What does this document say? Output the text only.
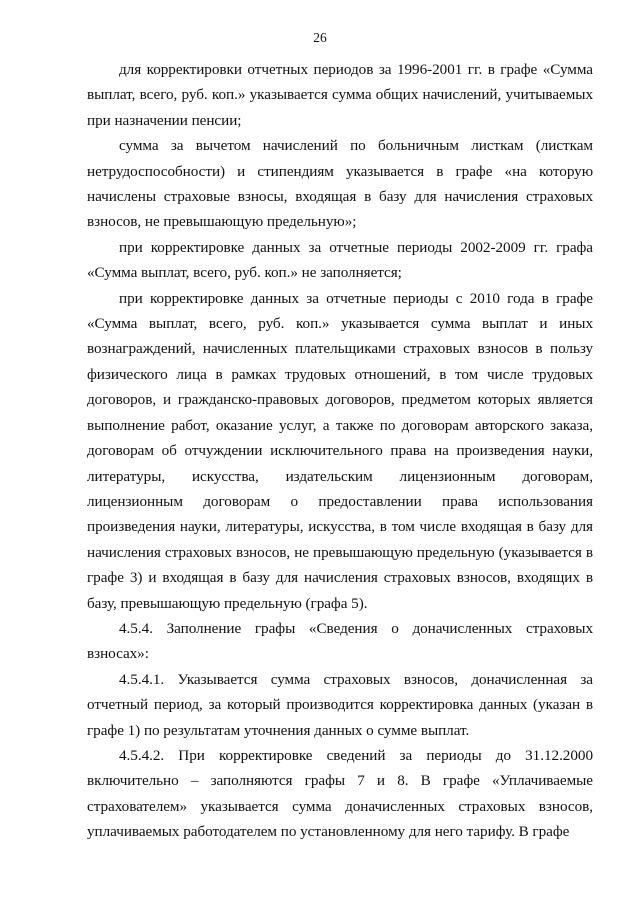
26

для корректировки отчетных периодов за 1996-2001 гг. в графе «Сумма выплат, всего, руб. коп.» указывается сумма общих начислений, учитываемых при назначении пенсии;

сумма за вычетом начислений по больничным листкам (листкам нетрудоспособности) и стипендиям указывается в графе «на которую начислены страховые взносы, входящая в базу для начисления страховых взносов, не превышающую предельную»;

при корректировке данных за отчетные периоды 2002-2009 гг. графа «Сумма выплат, всего, руб. коп.» не заполняется;

при корректировке данных за отчетные периоды с 2010 года в графе «Сумма выплат, всего, руб. коп.» указывается сумма выплат и иных вознаграждений, начисленных плательщиками страховых взносов в пользу физического лица в рамках трудовых отношений, в том числе трудовых договоров, и гражданско-правовых договоров, предметом которых является выполнение работ, оказание услуг, а также по договорам авторского заказа, договорам об отчуждении исключительного права на произведения науки, литературы, искусства, издательским лицензионным договорам, лицензионным договорам о предоставлении права использования произведения науки, литературы, искусства, в том числе входящая в базу для начисления страховых взносов, не превышающую предельную (указывается в графе 3) и входящая в базу для начисления страховых взносов, входящих в базу, превышающую предельную (графа 5).

4.5.4. Заполнение графы «Сведения о доначисленных страховых взносах»:

4.5.4.1. Указывается сумма страховых взносов, доначисленная за отчетный период, за который производится корректировка данных (указан в графе 1) по результатам уточнения данных о сумме выплат.

4.5.4.2. При корректировке сведений за периоды до 31.12.2000 включительно – заполняются графы 7 и 8. В графе «Уплачиваемые страхователем» указывается сумма доначисленных страховых взносов, уплачиваемых работодателем по установленному для него тарифу. В графе
